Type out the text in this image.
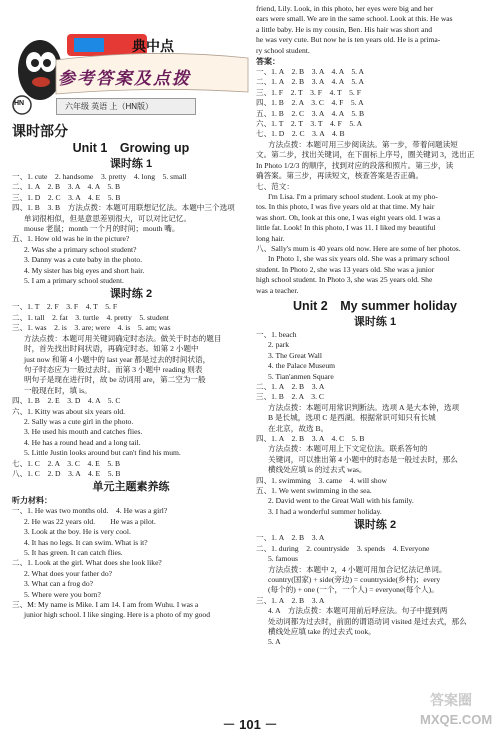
典中点
参考答案及点拨
HN	六年级 英语 上（HN版）
课时部分
Unit 1　Growing up
课时练 1
一、1. cute　2. handsome　3. pretty　4. long　5. small
二、1. A　2. B　3. A　4. A　5. B
三、1. D　2. C　3. A　4. E　5. B
四、1. B　3. B　方法点拨：本题可用联想记忆法。本题中三个选项
单词很相似，但是意思差别很大，可以对比记忆。
mouse 老鼠；month 一个月的时间；mouth 嘴。
五、1. How old was he in the picture?
2. Was she a primary school student?
3. Danny was a cute baby in the photo.
4. My sister has big eyes and short hair.
5. I am a primary school student.
课时练 2
一、1. T　2. F　3. F　4. T　5. F
二、1. tall　2. fat　3. turtle　4. pretty　5. student
三、1. was　2. is　3. are; were　4. is　5. am; was
方法点拨：本题可用关键词确定时态法。做关于时态的题目
时，首先找出时间状语，再确定时态。如第 2 小题中
just now 和第 4 小题中的 last year 都是过去的时间状语，
句子时态应为一般过去时。而第 3 小题中 reading 则表
明句子是现在进行时，故 be 动词用 are，第二空为一般
一般现在时，填 is。
四、1. B　2. E　3. D　4. A　5. C
六、1. Kitty was about six years old.
2. Sally was a cute girl in the photo.
3. He used his mouth and catches flies.
4. He has a round head and a long tail.
5. Little Justin looks around but can't find his mum.
七、1. C　2. A　3. C　4. E　5. B
八、1. C　2. D　3. A　4. E　5. B
单元主题素养练
听力材料：
一、1. He was two months old.　4. He was a girl?
2. He was 22 years old.　　He was a pilot.
3. Look at the boy. He is very cool.
4. It has no legs. It can swim. What is it?
5. It has green. It can catch flies.
二、1. Look at the girl. What does she look like?
2. What does your father do?
3. What can a frog do?
5. Where were you born?
三、M: My name is Mike. I am 14. I am from Wuhu. I was a
junior high school. I like singing. Here is a photo of my good
friend, Lily. Look, in this photo, her eyes were big and her
ears were small. We are in the same school. Look at this. He was
a little baby. He is my cousin, Ben. His hair was short and
he was very cute. But now he is ten years old. He is a prima-
ry school student.
答案：
一、1. A　2. B　3. A　4. A　5. A
二、1. A　2. B　3. A　4. A　5. A
三、1. F　2. T　3. F　4. T　5. F
四、1. B　2. A　3. C　4. F　5. A
五、1. B　2. C　3. A　4. A　5. B
六、1. T　2. T　3. T　4. F　5. A
七、1. D　2. C　3. A　4. B
方法点拨：本题可用三步阅读法。第一步，带着问题读短
文。第二步，找出关键词，在下面标上序号，圈关键词 3，选出正
In Photo 1/2/3 的顺序，找到对应的段落和照片。第三步，读
确答案。第三步，再读短文，核查答案是否正确。
七、范文：
I'm Lisa. I'm a primary school student. Look at my pho-
tos. In this photo, I was five years old at that time. My hair
was short. Oh, look at this one, I was eight years old. I was a
little fat. Look! In this photo, I was 11. I liked my beautiful
long hair.
八、Sally's mum is 40 years old now. Here are some of her photos.
In Photo 1, she was six years old. She was a primary school
student. In Photo 2, she was 13 years old. She was a junior
high school student. In Photo 3, she was 25 years old. She
was a teacher.
Unit 2　My summer holiday
课时练 1
一、1. beach
2. park
3. The Great Wall
4. the Palace Museum
5. Tian'anmen Square
二、1. A　2. B　3. A
三、1. B　2. A　3. C
方法点拨：本题可用常识判断法。选项 A 是大本钟，选项
B 是长城，选项 C 是西湖。根据常识可知只有长城
在北京，故选 B。
四、1. A　2. B　3. A　4. C　5. B
方法点拨：本题可用上下文定位法。联系答句的
关键词，可以推出第 4 小题中的时态是一般过去时，那么
横线处应填 is 的过去式 was。
四、1. swimming　3. came　4. will show
五、1. We went swimming in the sea.
2. David went to the Great Wall with his family.
3. I had a wonderful summer holiday.
课时练 2
一、1. A　2. B　3. A
二、1. during　2. countryside　3. spends　4. Everyone
5. famous
方法点拨：本题中 2，4 小题可用加合记忆法记单词。
country(国家) + side(旁边) = countryside(乡村)；every
(每个的) + one (一个，一个人) = everyone(每个人)。
三、1. A　2. B　3. A
4. A　方法点拨：本题可用前后呼应法。句子中提到两
处动词都为过去时，前面的谓语动词 visited 是过去式，那么
横线处应填 take 的过去式 took。
5. A
答案圈
MXQE.COM
－ 101 －
